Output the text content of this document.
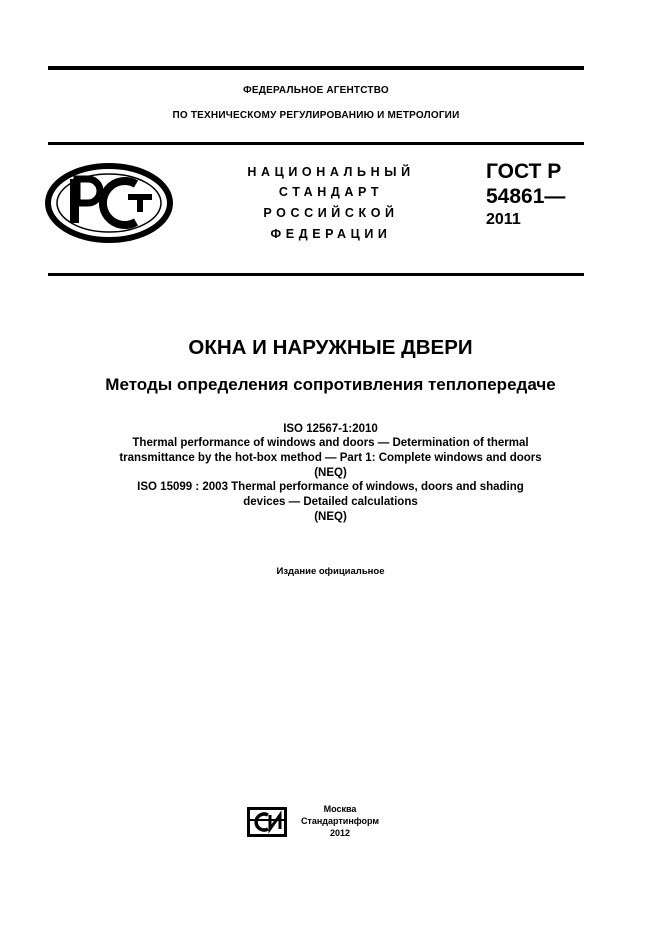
ФЕДЕРАЛЬНОЕ АГЕНТСТВО
ПО ТЕХНИЧЕСКОМУ РЕГУЛИРОВАНИЮ И МЕТРОЛОГИИ
НАЦИОНАЛЬНЫЙ
СТАНДАРТ
РОССИЙСКОЙ
ФЕДЕРАЦИИ
ГОСТ Р
54861—
2011
ОКНА И НАРУЖНЫЕ ДВЕРИ
Методы определения сопротивления теплопередаче
ISO 12567-1:2010
Thermal performance of windows and doors — Determination of thermal
transmittance by the hot-box method — Part 1: Complete windows and doors
(NEQ)
ISO 15099 : 2003 Thermal performance of windows, doors and shading
devices — Detailed calculations
(NEQ)
Издание официальное
Москва
Стандартинформ
2012
